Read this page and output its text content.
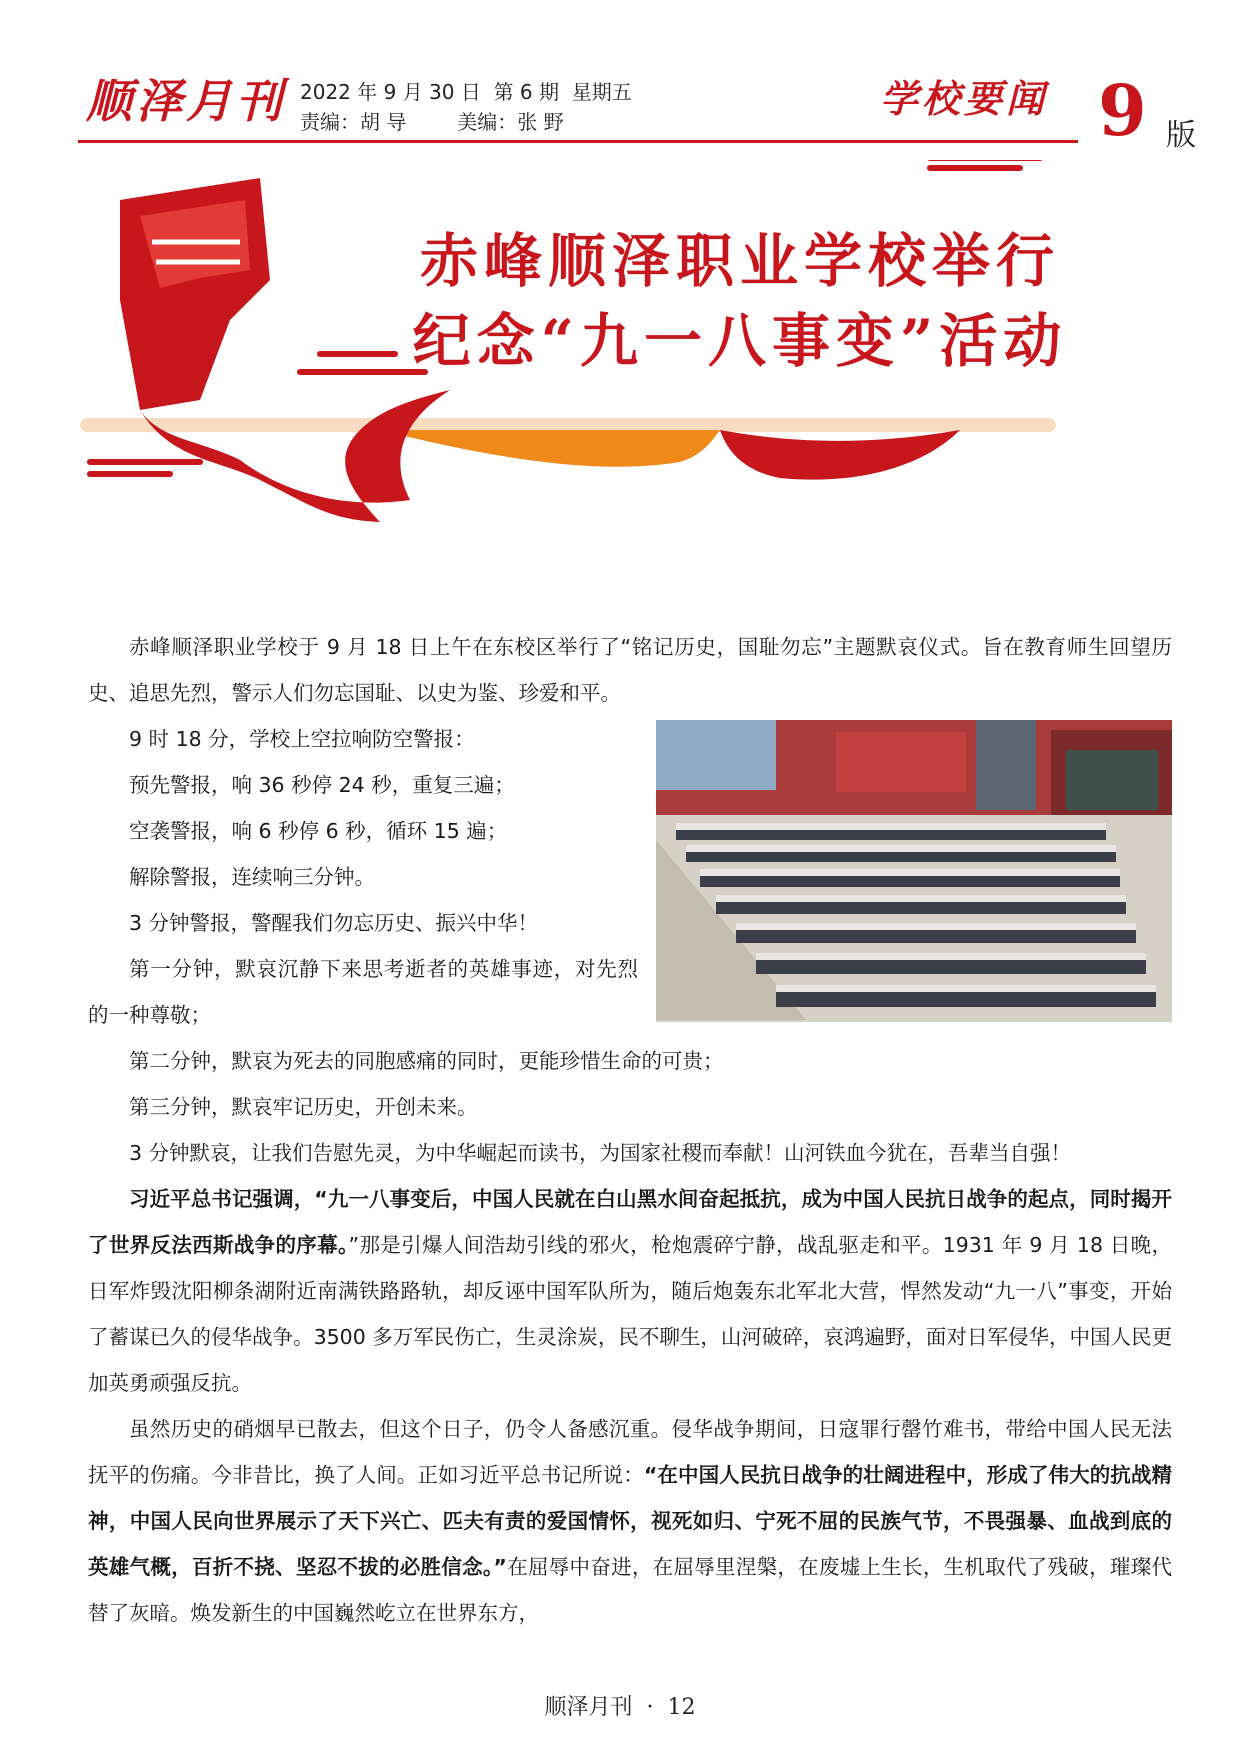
顺泽月刊 2022 年 9 月 30 日  第 6 期  星期五
责编：胡 导        美编：张 野
学校要闻 9 版
赤峰顺泽职业学校举行
纪念“九一八事变”活动

赤峰顺泽职业学校于 9 月 18 日上午在东校区举行了“铭记历史，国耻勿忘”主题默哀仪式。旨在教育师生回望历史、追思先烈，警示人们勿忘国耻、以史为鉴、珍爱和平。

9 时 18 分，学校上空拉响防空警报：

预先警报，响 36 秒停 24 秒，重复三遍；

空袭警报，响 6 秒停 6 秒，循环 15 遍；

解除警报，连续响三分钟。

3 分钟警报，警醒我们勿忘历史、振兴中华！

第一分钟，默哀沉静下来思考逝者的英雄事迹，对先烈的一种尊敬；

第二分钟，默哀为死去的同胞感痛的同时，更能珍惜生命的可贵；

第三分钟，默哀牢记历史，开创未来。

3 分钟默哀，让我们告慰先灵，为中华崛起而读书，为国家社稷而奉献！山河铁血今犹在，吾辈当自强！

习近平总书记强调，“九一八事变后，中国人民就在白山黑水间奋起抵抗，成为中国人民抗日战争的起点，同时揭开了世界反法西斯战争的序幕。”那是引爆人间浩劫引线的邪火，枪炮震碎宁静，战乱驱走和平。1931 年 9 月 18 日晚，日军炸毁沈阳柳条湖附近南满铁路路轨，却反诬中国军队所为，随后炮轰东北军北大营，悍然发动“九一八”事变，开始了蓄谋已久的侵华战争。3500 多万军民伤亡，生灵涂炭，民不聊生，山河破碎，哀鸿遍野，面对日军侵华，中国人民更加英勇顽强反抗。

虽然历史的硝烟早已散去，但这个日子，仍令人备感沉重。侵华战争期间，日寇罪行罄竹难书，带给中国人民无法抚平的伤痛。今非昔比，换了人间。正如习近平总书记所说：“在中国人民抗日战争的壮阔进程中，形成了伟大的抗战精神，中国人民向世界展示了天下兴亡、匹夫有责的爱国情怀，视死如归、宁死不屈的民族气节，不畏强暴、血战到底的英雄气概，百折不挠、坚忍不拔的必胜信念。”在屈辱中奋进，在屈辱里涅槃，在废墟上生长，生机取代了残破，璀璨代替了灰暗。焕发新生的中国巍然屹立在世界东方，

顺泽月刊  ·  12
